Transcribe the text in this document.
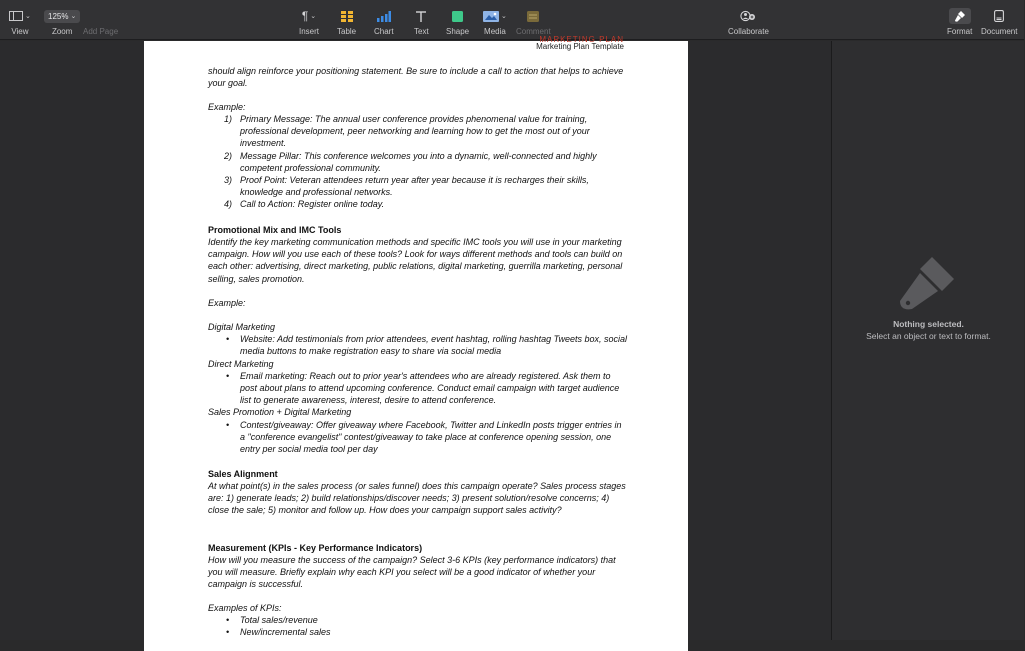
⌄
View
125% ⌄
Zoom Add Page
¶ ⌄
Insert Table Chart	Text Shape
⌄
Media Comment	Collaborate	Format Document
MARKETING PLAN
Marketing Plan Template
should align reinforce your positioning statement. Be sure to include a call to action that helps to achieve your goal.
Example:
1) Primary Message: The annual user conference provides phenomenal value for training, professional development, peer networking and learning how to get the most out of your investment.
2) Message Pillar: This conference welcomes you into a dynamic, well-connected and highly competent professional community.
3) Proof Point: Veteran attendees return year after year because it is recharges their skills, knowledge and professional networks.
4) Call to Action: Register online today.
Promotional Mix and IMC Tools
Identify the key marketing communication methods and specific IMC tools you will use in your marketing campaign. How will you use each of these tools? Look for ways different methods and tools can build on each other: advertising, direct marketing, public relations, digital marketing, guerrilla marketing, personal selling, sales promotion.
Example:
Digital Marketing
• Website: Add testimonials from prior attendees, event hashtag, rolling hashtag Tweets box, social media buttons to make registration easy to share via social media
Direct Marketing
• Email marketing: Reach out to prior year's attendees who are already registered. Ask them to post about plans to attend upcoming conference. Conduct email campaign with target audience list to generate awareness, interest, desire to attend conference.
Sales Promotion + Digital Marketing
• Contest/giveaway: Offer giveaway where Facebook, Twitter and LinkedIn posts trigger entries in a "conference evangelist" contest/giveaway to take place at conference opening session, one entry per social media tool per day
Sales Alignment
At what point(s) in the sales process (or sales funnel) does this campaign operate? Sales process stages are: 1) generate leads; 2) build relationships/discover needs; 3) present solution/resolve concerns; 4) close the sale; 5) monitor and follow up. How does your campaign support sales activity?
Measurement (KPIs - Key Performance Indicators)
How will you measure the success of the campaign? Select 3-6 KPIs (key performance indicators) that you will measure. Briefly explain why each KPI you select will be a good indicator of whether your campaign is successful.
Examples of KPIs:
• Total sales/revenue
• New/incremental sales
Nothing selected.
Select an object or text to format.
